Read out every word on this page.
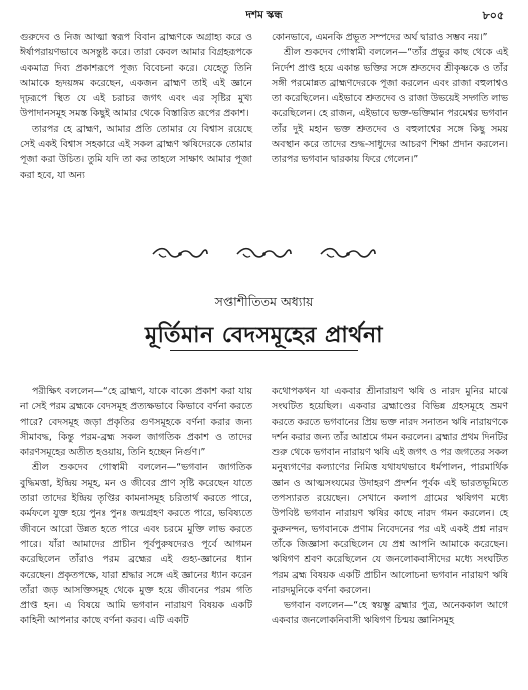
দশম স্কন্ধ	৮০৫

গুরুদেব ও নিজ আত্মা স্বরূপ বিবান ব্রাহ্মণকে অগ্রাহ্য করে ও ঈর্ষাপরায়ণভাবে অসন্তুষ্ট করে। তারা কেবল আমার বিগ্রহরূপকে একমাত্র দিব্য প্রকাশরূপে পূজ্য বিবেচনা করে। যেহেতু তিনি আমাকে হৃদয়ঙ্গম করেছেন, একজন ব্রাহ্মণ তাই এই জ্ঞানে দৃঢ়রূপে স্থিত যে এই চরাচর জগৎ এবং এর সৃষ্টির মুখ্য উপাদানসমূহ সমস্ত কিছুই আমার থেকে বিস্তারিত রূপের প্রকাশ।

তারপর হে ব্রাহ্মণ, আমার প্রতি তোমার যে বিশ্বাস রয়েছে সেই একই বিশ্বাস সহকারে এই সকল ব্রাহ্মণ ঋষিদেরকে তোমার পূজা করা উচিত। তুমি যদি তা কর তাহলে সাক্ষাৎ আমার পূজা করা হবে, যা অন্য

কোনভাবে, এমনকি প্রভূত সম্পদের অর্ঘ দ্বারাও সম্ভব নয়।”

শ্রীল শুকদেব গোস্বামী বললেন—“তাঁর প্রভুর কাছ থেকে এই নির্দেশ প্রাপ্ত হয়ে একান্ত ভক্তির সঙ্গে শ্রুতদেব শ্রীকৃষ্ণকে ও তাঁর সঙ্গী পরমোন্নত ব্রাহ্মণদেরকে পূজা করলেন এবং রাজা বহুলাশ্বও তা করেছিলেন। এইভাবে শ্রুতদেব ও রাজা উভয়েই সদ্গতি লাভ করেছিলেন। হে রাজন, এইভাবে ভক্ত-ভক্তিমান পরমেশ্বর ভগবান তাঁর দুই মহান ভক্ত শ্রুতদেব ও বহুলাশ্বের সঙ্গে কিছু সময় অবস্থান করে তাদের শুদ্ধ-সাধুদের আচরণ শিক্ষা প্রদান করলেন। তারপর ভগবান দ্বারকায় ফিরে গেলেন।”

সপ্তাশীতিতম অধ্যায়
মূর্তিমান বেদসমূহের প্রার্থনা

পরীক্ষিৎ বললেন—“হে ব্রাহ্মণ, যাকে বাক্যে প্রকাশ করা যায় না সেই পরম ব্রহ্মকে বেদসমূহ প্রত্যক্ষভাবে কিভাবে বর্ণনা করতে পারে? বেদসমূহ জড়া প্রকৃতির গুণসমূহকে বর্ণনা করার জন্য সীমাবদ্ধ, কিন্তু পরম-ব্রহ্ম সকল জাগতিক প্রকাশ ও তাদের কারণসমূহের অতীত হওয়ায়, তিনি হচ্ছেন নির্গুণ।”

শ্রীল শুকদেব গোস্বামী বললেন—“ভগবান জাগতিক বুদ্ধিমত্তা, ইন্দ্রিয় সমূহ, মন ও জীবের প্রাণ সৃষ্টি করেছেন যাতে তারা তাদের ইন্দ্রিয় তৃপ্তির কামনাসমূহ চরিতার্থ করতে পারে, কর্মফলে যুক্ত হয়ে পুনঃ পুনঃ জন্মগ্রহণ করতে পারে, ভবিষ্যতে জীবনে আরো উন্নত হতে পারে এবং চরমে মুক্তি লাভ করতে পারে। যাঁরা আমাদের প্রাচীন পূর্বপুরুষদেরও পূর্বে আগমন করেছিলেন তাঁরাও পরম ব্রহ্মের এই গুহ্য-জ্ঞানের ধ্যান করেছেন। প্রকৃতপক্ষে, যারা শ্রদ্ধার সঙ্গে এই জ্ঞানের ধ্যান করেন তাঁরা জড় আসক্তিসমূহ থেকে মুক্ত হয়ে জীবনের পরম গতি প্রাপ্ত হন। এ বিষয়ে আমি ভগবান নারায়ণ বিষয়ক একটি কাহিনী আপনার কাছে বর্ণনা করব। এটি একটি

কথোপকথন যা একবার শ্রীনারায়ণ ঋষি ও নারদ মুনির মাঝে সংঘটিত হয়েছিল। একবার ব্রহ্মাণ্ডের বিভিন্ন গ্রহসমূহে ভ্রমণ করতে করতে ভগবানের প্রিয় ভক্ত নারদ সনাতন ঋষি নারায়ণকে দর্শন করার জন্য তাঁর আশ্রমে গমন করলেন। ব্রহ্মার প্রথম দিনটির শুরু থেকে ভগবান নারায়ণ ঋষি এই জগৎ ও পর জগতের সকল মনুষ্যগণের কল্যাণের নিমিত্ত যথাযথভাবে ধর্মপালন, পারমার্থিক জ্ঞান ও আত্মসংযমের উদাহরণ প্রদর্শন পূর্বক এই ভারতভূমিতে তপস্যারত রয়েছেন। সেখানে কলাপ গ্রামের ঋষিগণ মধ্যে উপবিষ্ট ভগবান নারায়ণ ঋষির কাছে নারদ গমন করলেন। হে কুরুনন্দন, ভগবানকে প্রণাম নিবেদনের পর এই একই প্রশ্ন নারদ তাঁকে জিজ্ঞাসা করেছিলেন যে প্রশ্ন আপনি আমাকে করেছেন। ঋষিগণ শ্রবণ করেছিলেন যে জনলোকবাসীদের মধ্যে সংঘটিত পরম ব্রহ্ম বিষয়ক একটি প্রাচীন আলোচনা ভগবান নারায়ণ ঋষি নারদমুনিকে বর্ণনা করলেন।

ভগবান বললেন—“হে স্বয়ম্ভু ব্রহ্মার পুত্র, অনেককাল আগে একবার জনলোকনিবাসী ঋষিগণ চিন্ময় জ্ঞানিসমূহ
